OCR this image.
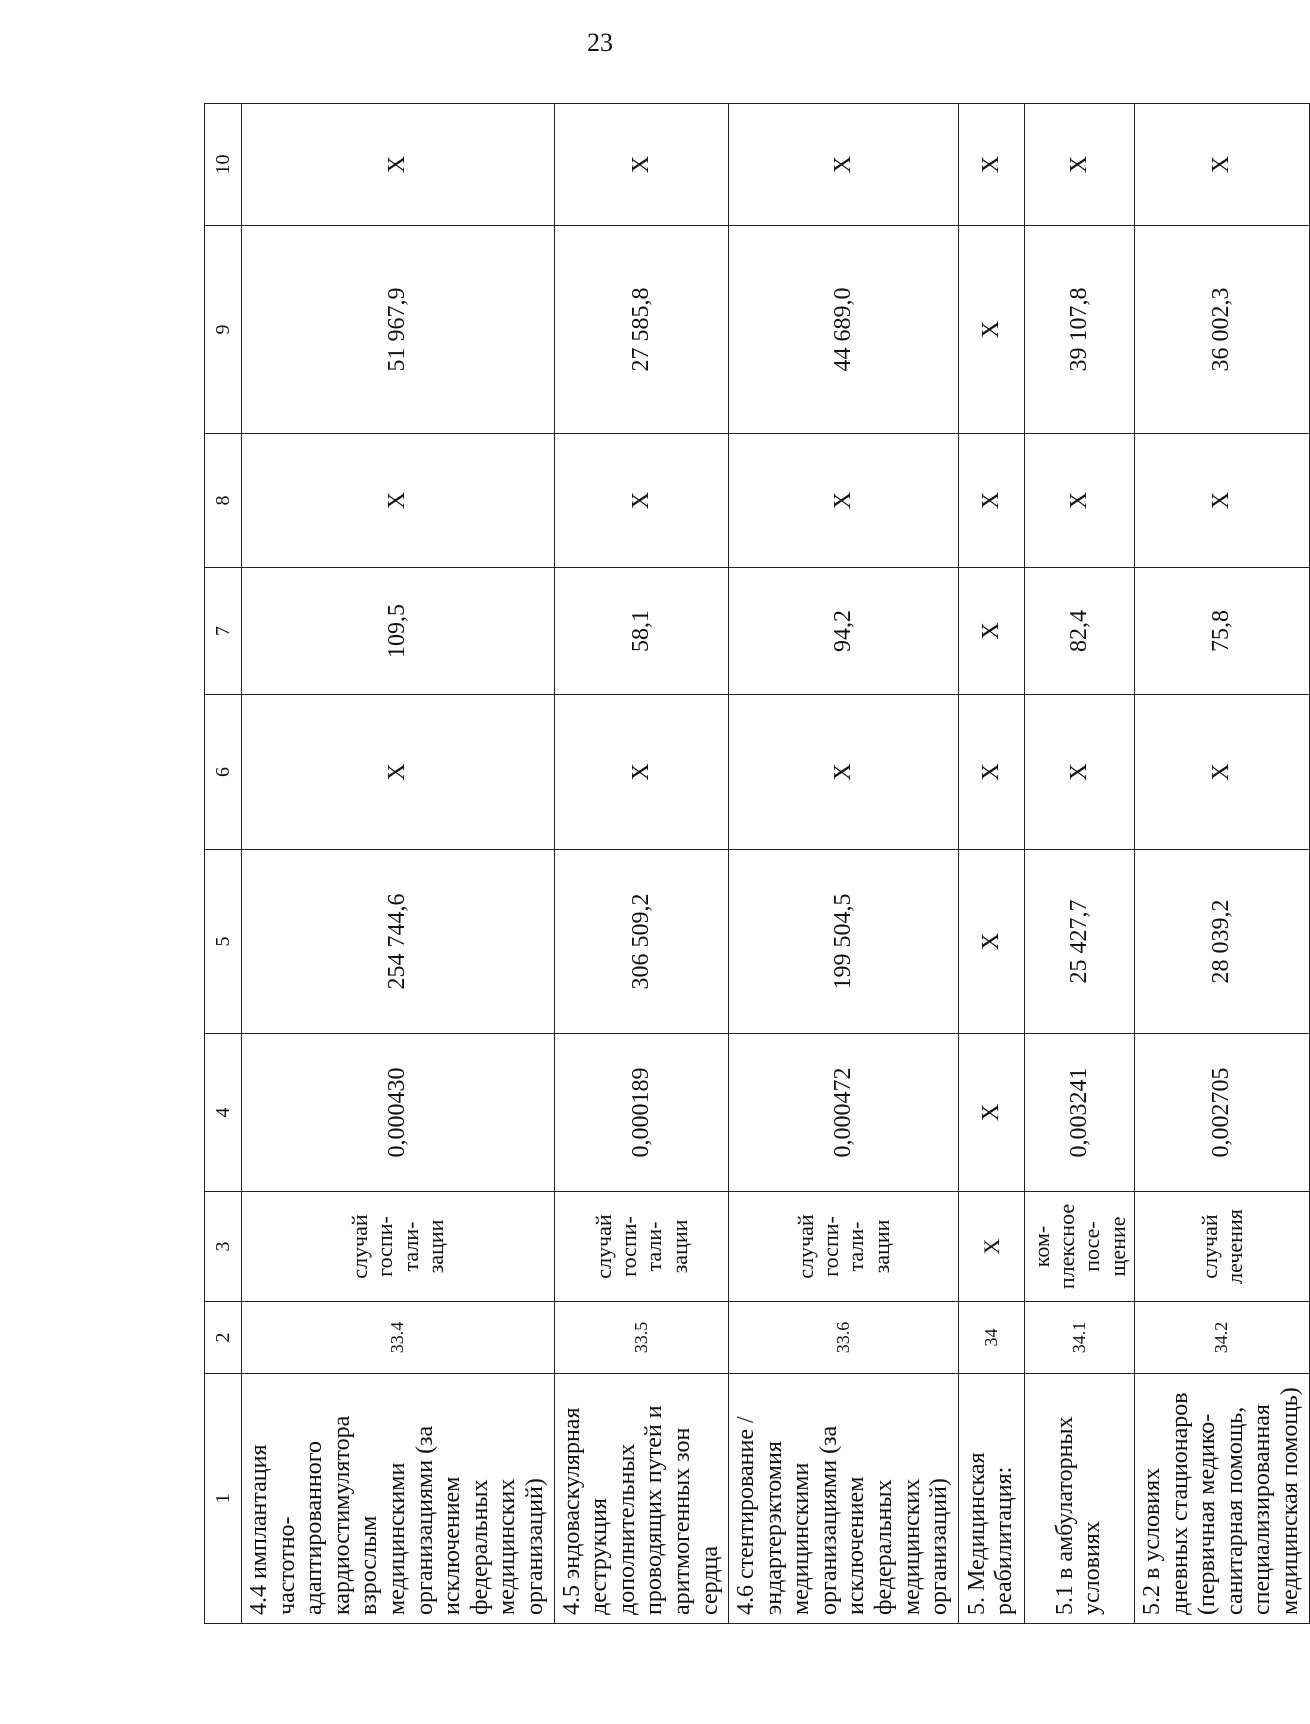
23
1	2	3	4	5	6	7	8	9	10
4.4 имплантация частотно-адаптированного кардиостимулятора взрослым медицинскими организациями (за исключением федеральных медицинских организаций)	33.4	случай госпи-тали-зации	0,000430	254 744,6	Х	109,5	Х	51 967,9	Х
4.5 эндоваскулярная деструкция дополнительных проводящих путей и аритмогенных зон сердца	33.5	случай госпи-тали-зации	0,000189	306 509,2	Х	58,1	Х	27 585,8	Х
4.6 стентирование / эндартерэктомия медицинскими организациями (за исключением федеральных медицинских организаций)	33.6	случай госпи-тали-зации	0,000472	199 504,5	Х	94,2	Х	44 689,0	Х
5. Медицинская реабилитация:	34	Х	Х	Х	Х	Х	Х	Х	Х
5.1 в амбулаторных условиях	34.1	ком-плексное посе-щение	0,003241	25 427,7	Х	82,4	Х	39 107,8	Х
5.2 в условиях дневных стационаров (первичная медико-санитарная помощь, специализированная медицинская помощь)	34.2	случай лечения	0,002705	28 039,2	Х	75,8	Х	36 002,3	Х
